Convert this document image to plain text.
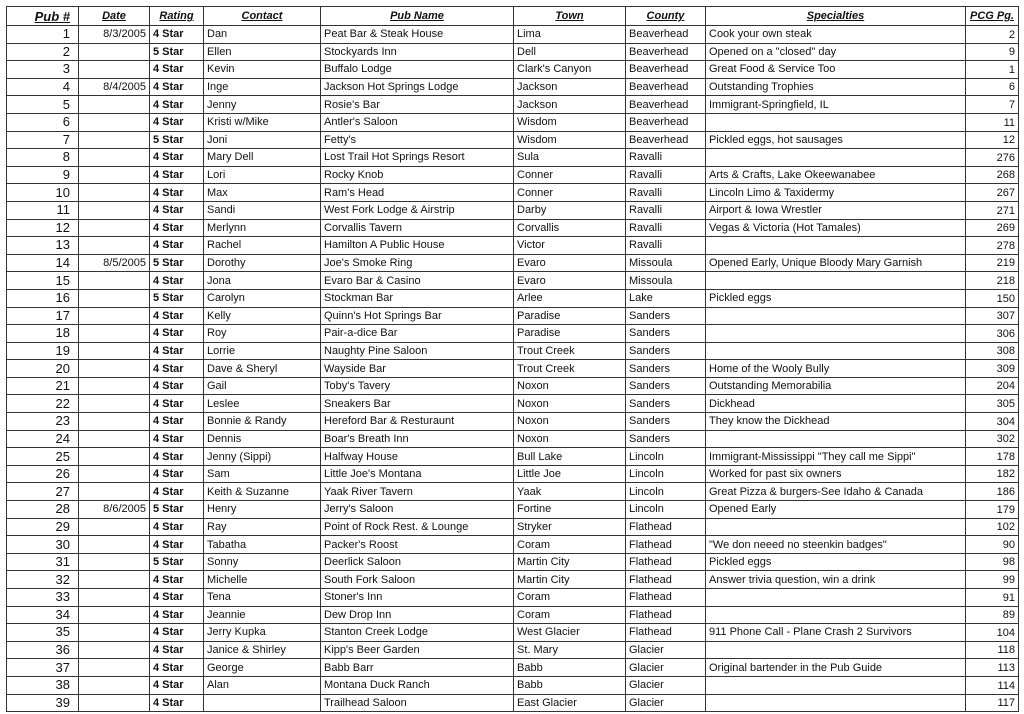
Pub #	Date	Rating	Contact	Pub Name	Town	County	Specialties	PCG Pg.
1	8/3/2005	4 Star	Dan	Peat Bar & Steak House	Lima	Beaverhead	Cook your own steak	2
2		5 Star	Ellen	Stockyards Inn	Dell	Beaverhead	Opened on a "closed" day	9
3		4 Star	Kevin	Buffalo Lodge	Clark's Canyon	Beaverhead	Great Food & Service Too	1
4	8/4/2005	4 Star	Inge	Jackson Hot Springs Lodge	Jackson	Beaverhead	Outstanding Trophies	6
5		4 Star	Jenny	Rosie's Bar	Jackson	Beaverhead	Immigrant-Springfield, IL	7
6		4 Star	Kristi w/Mike	Antler's Saloon	Wisdom	Beaverhead		11
7		5 Star	Joni	Fetty's	Wisdom	Beaverhead	Pickled eggs, hot sausages	12
8		4 Star	Mary Dell	Lost Trail Hot Springs Resort	Sula	Ravalli		276
9		4 Star	Lori	Rocky Knob	Conner	Ravalli	Arts & Crafts, Lake Okeewanabee	268
10		4 Star	Max	Ram's Head	Conner	Ravalli	Lincoln Limo & Taxidermy	267
11		4 Star	Sandi	West Fork Lodge & Airstrip	Darby	Ravalli	Airport & Iowa Wrestler	271
12		4 Star	Merlynn	Corvallis Tavern	Corvallis	Ravalli	Vegas & Victoria (Hot Tamales)	269
13		4 Star	Rachel	Hamilton A Public House	Victor	Ravalli		278
14	8/5/2005	5 Star	Dorothy	Joe's Smoke Ring	Evaro	Missoula	Opened Early, Unique Bloody Mary Garnish	219
15		4 Star	Jona	Evaro Bar & Casino	Evaro	Missoula		218
16		5 Star	Carolyn	Stockman Bar	Arlee	Lake	Pickled eggs	150
17		4 Star	Kelly	Quinn's Hot Springs Bar	Paradise	Sanders		307
18		4 Star	Roy	Pair-a-dice Bar	Paradise	Sanders		306
19		4 Star	Lorrie	Naughty Pine Saloon	Trout Creek	Sanders		308
20		4 Star	Dave & Sheryl	Wayside Bar	Trout Creek	Sanders	Home of the Wooly Bully	309
21		4 Star	Gail	Toby's Tavery	Noxon	Sanders	Outstanding Memorabilia	204
22		4 Star	Leslee	Sneakers Bar	Noxon	Sanders	Dickhead	305
23		4 Star	Bonnie & Randy	Hereford Bar & Resturaunt	Noxon	Sanders	They know the Dickhead	304
24		4 Star	Dennis	Boar's Breath Inn	Noxon	Sanders		302
25		4 Star	Jenny (Sippi)	Halfway House	Bull Lake	Lincoln	Immigrant-Mississippi "They call me Sippi"	178
26		4 Star	Sam	Little Joe's Montana	Little Joe	Lincoln	Worked for past six owners	182
27		4 Star	Keith & Suzanne	Yaak River Tavern	Yaak	Lincoln	Great Pizza & burgers-See Idaho & Canada	186
28	8/6/2005	5 Star	Henry	Jerry's Saloon	Fortine	Lincoln	Opened Early	179
29		4 Star	Ray	Point of Rock Rest. & Lounge	Stryker	Flathead		102
30		4 Star	Tabatha	Packer's Roost	Coram	Flathead	"We don neeed no steenkin badges"	90
31		5 Star	Sonny	Deerlick Saloon	Martin City	Flathead	Pickled eggs	98
32		4 Star	Michelle	South Fork Saloon	Martin City	Flathead	Answer trivia question, win a drink	99
33		4 Star	Tena	Stoner's Inn	Coram	Flathead		91
34		4 Star	Jeannie	Dew Drop Inn	Coram	Flathead		89
35		4 Star	Jerry Kupka	Stanton Creek Lodge	West Glacier	Flathead	911 Phone Call - Plane Crash 2 Survivors	104
36		4 Star	Janice & Shirley	Kipp's Beer Garden	St. Mary	Glacier		118
37		4 Star	George	Babb Barr	Babb	Glacier	Original bartender in the Pub Guide	113
38		4 Star	Alan	Montana Duck Ranch	Babb	Glacier		114
39		4 Star		Trailhead Saloon	East Glacier	Glacier		117
